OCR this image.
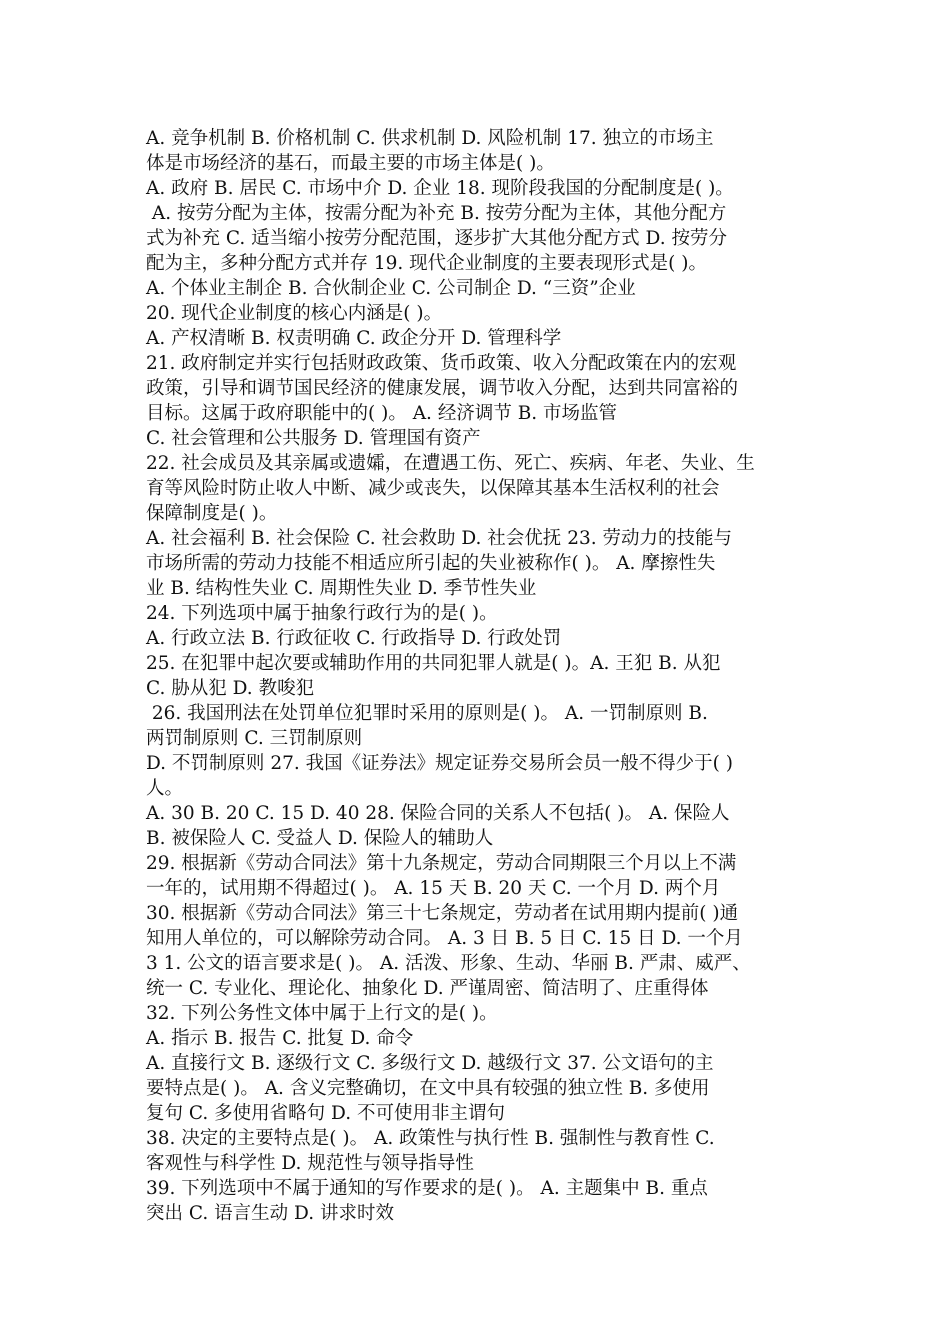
A. 竞争机制 B. 价格机制 C. 供求机制 D. 风险机制 17. 独立的市场主
体是市场经济的基石，而最主要的市场主体是( )。
A. 政府 B. 居民 C. 市场中介 D. 企业 18. 现阶段我国的分配制度是( )。
A. 按劳分配为主体，按需分配为补充 B. 按劳分配为主体，其他分配方
式为补充 C. 适当缩小按劳分配范围，逐步扩大其他分配方式 D. 按劳分
配为主，多种分配方式并存 19. 现代企业制度的主要表现形式是( )。
A. 个体业主制企 B. 合伙制企业 C. 公司制企 D. “三资”企业
20. 现代企业制度的核心内涵是( )。
A. 产权清晰 B. 权责明确 C. 政企分开 D. 管理科学
21. 政府制定并实行包括财政政策、货币政策、收入分配政策在内的宏观
政策，引导和调节国民经济的健康发展，调节收入分配，达到共同富裕的
目标。这属于政府职能中的( )。 A. 经济调节 B. 市场监管
C. 社会管理和公共服务 D. 管理国有资产
22. 社会成员及其亲属或遗孀，在遭遇工伤、死亡、疾病、年老、失业、生
育等风险时防止收人中断、减少或丧失，以保障其基本生活权利的社会
保障制度是( )。
A. 社会福利 B. 社会保险 C. 社会救助 D. 社会优抚 23. 劳动力的技能与
市场所需的劳动力技能不相适应所引起的失业被称作( )。 A. 摩擦性失
业 B. 结构性失业 C. 周期性失业 D. 季节性失业
24. 下列选项中属于抽象行政行为的是( )。
A. 行政立法 B. 行政征收 C. 行政指导 D. 行政处罚
25. 在犯罪中起次要或辅助作用的共同犯罪人就是( )。A. 王犯 B. 从犯
C. 胁从犯 D. 教唆犯
26. 我国刑法在处罚单位犯罪时采用的原则是( )。 A. 一罚制原则 B.
两罚制原则 C. 三罚制原则
D. 不罚制原则 27. 我国《证券法》规定证券交易所会员一般不得少于( )
人。
A. 30 B. 20 C. 15 D. 40 28. 保险合同的关系人不包括( )。 A. 保险人
B. 被保险人 C. 受益人 D. 保险人的辅助人
29. 根据新《劳动合同法》第十九条规定，劳动合同期限三个月以上不满
一年的，试用期不得超过( )。 A. 15 天 B. 20 天 C. 一个月 D. 两个月
30. 根据新《劳动合同法》第三十七条规定，劳动者在试用期内提前( )通
知用人单位的，可以解除劳动合同。 A. 3 日 B. 5 日 C. 15 日 D. 一个月
3 1. 公文的语言要求是( )。 A. 活泼、形象、生动、华丽 B. 严肃、威严、
统一 C. 专业化、理论化、抽象化 D. 严谨周密、简洁明了、庄重得体
32. 下列公务性文体中属于上行文的是( )。
A. 指示 B. 报告 C. 批复 D. 命令
A. 直接行文 B. 逐级行文 C. 多级行文 D. 越级行文 37. 公文语句的主
要特点是( )。 A. 含义完整确切，在文中具有较强的独立性 B. 多使用
复句 C. 多使用省略句 D. 不可使用非主谓句
38. 决定的主要特点是( )。 A. 政策性与执行性 B. 强制性与教育性 C.
客观性与科学性 D. 规范性与领导指导性
39. 下列选项中不属于通知的写作要求的是( )。 A. 主题集中 B. 重点
突出 C. 语言生动 D. 讲求时效
